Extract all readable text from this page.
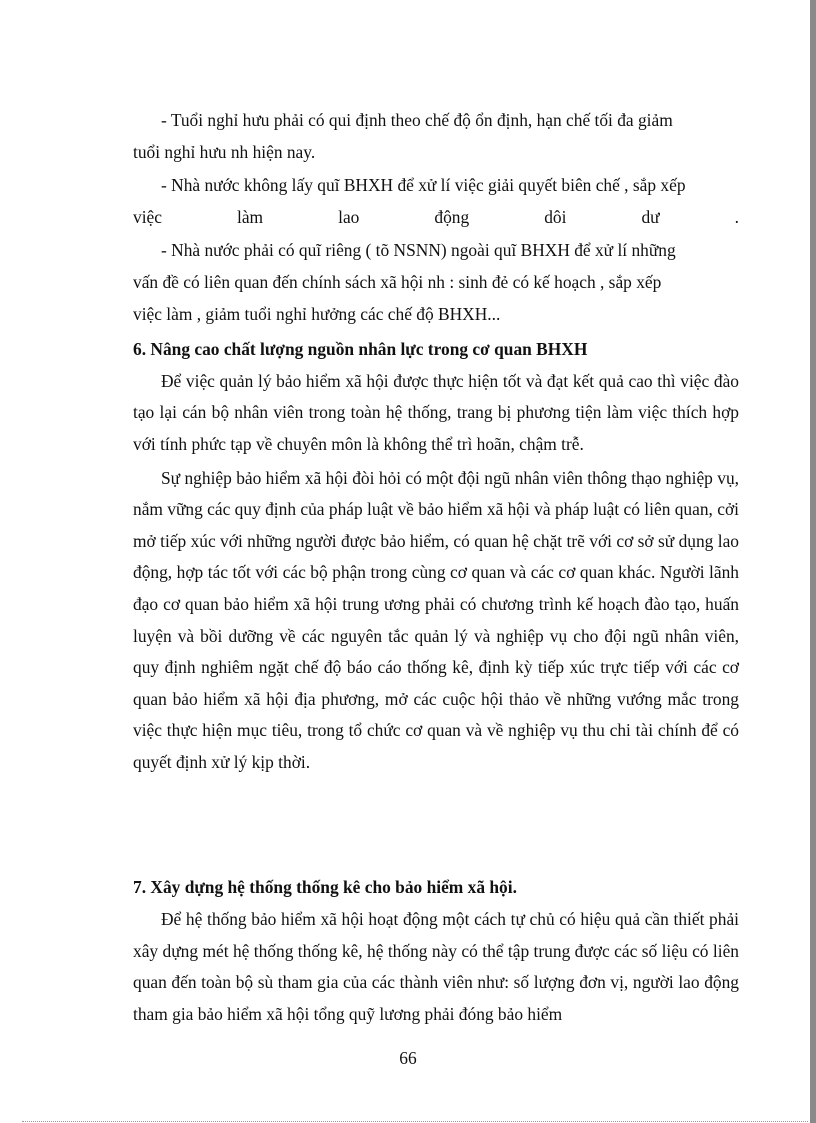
- Tuổi nghỉ hưu phải có qui định theo chế độ ổn định, hạn chế tối đa giảm
tuổi nghỉ hưu nh hiện nay.

- Nhà nước không lấy quĩ BHXH để xử lí việc giải quyết biên chế , sắp xếp

việc	làm	lao	động	dôi	dư	.

- Nhà nước phải có quĩ riêng ( tõ NSNN) ngoài quĩ BHXH để xử lí những
vấn đề có liên quan đến chính sách xã hội nh : sinh đẻ có kế hoạch , sắp xếp
việc làm , giảm tuổi nghỉ hưởng các chế độ BHXH...

6. Nâng cao chất lượng nguồn nhân lực trong cơ quan BHXH

Để việc quản lý bảo hiểm xã hội được thực hiện tốt và đạt kết quả cao thì việc đào tạo lại cán bộ nhân viên trong toàn hệ thống, trang bị phương tiện làm việc thích hợp với tính phức tạp về chuyên môn là không thể trì hoãn, chậm trễ.

Sự nghiệp bảo hiểm xã hội đòi hỏi có một đội ngũ nhân viên thông thạo nghiệp vụ, nắm vững các quy định của pháp luật về bảo hiểm xã hội và pháp luật có liên quan, cởi mở tiếp xúc với những người được bảo hiểm, có quan hệ chặt trẽ với cơ sở sử dụng lao động, hợp tác tốt với các bộ phận trong cùng cơ quan và các cơ quan khác. Người lãnh đạo cơ quan bảo hiểm xã hội trung ương phải có chương trình kế hoạch đào tạo, huấn luyện và bồi dưỡng về các nguyên tắc quản lý và nghiệp vụ cho đội ngũ nhân viên, quy định nghiêm ngặt chế độ báo cáo thống kê, định kỳ tiếp xúc trực tiếp với các cơ quan bảo hiểm xã hội địa phương, mở các cuộc hội thảo về những vướng mắc trong việc thực hiện mục tiêu, trong tổ chức cơ quan và về nghiệp vụ thu chi tài chính để có quyết định xử lý kịp thời.

7. Xây dựng hệ thống thống kê cho bảo hiểm xã hội.

Để hệ thống bảo hiểm xã hội hoạt động một cách tự chủ có hiệu quả cần thiết phải xây dựng mét hệ thống thống kê, hệ thống này có thể tập trung được các số liệu có liên quan đến toàn bộ sù tham gia của các thành viên như: số lượng đơn vị, người lao động tham gia bảo hiểm xã hội tổng quỹ lương phải đóng bảo hiểm

66
